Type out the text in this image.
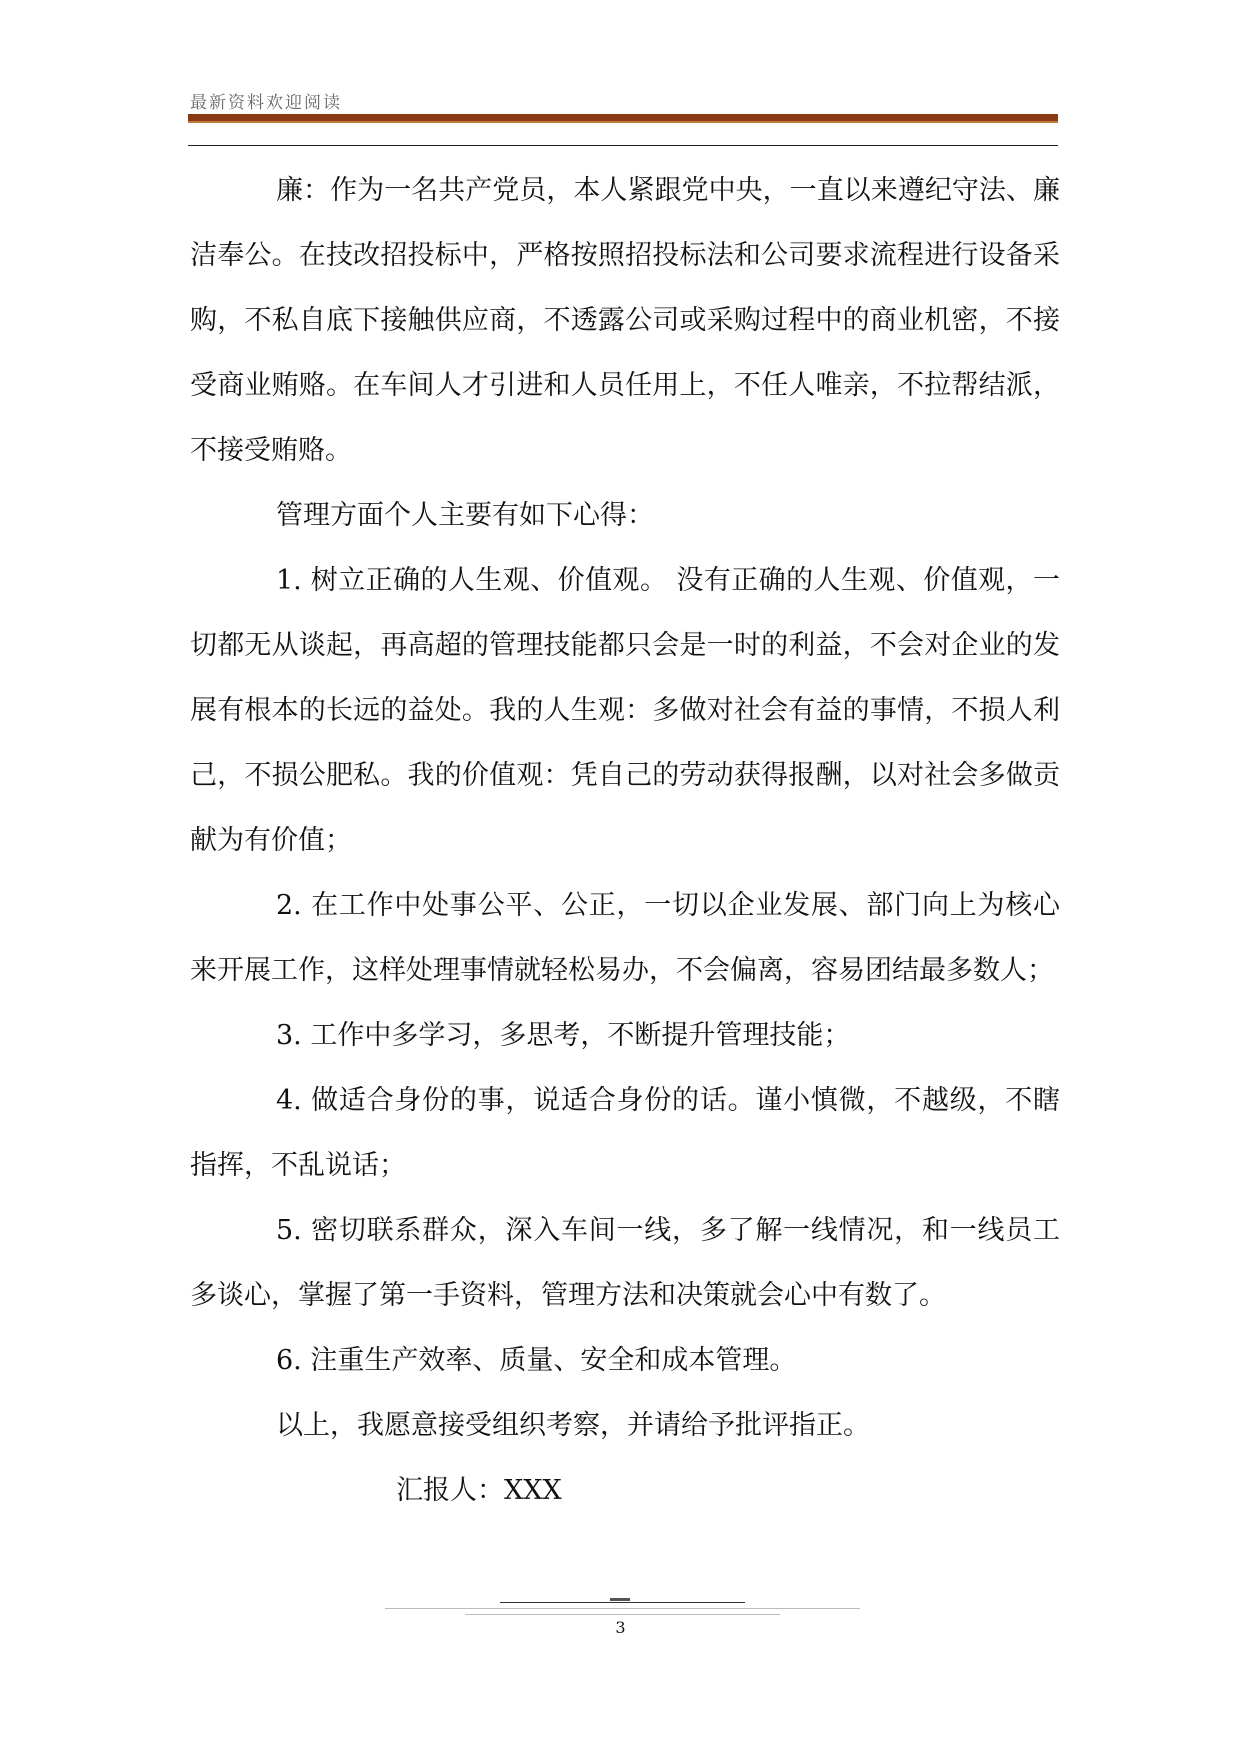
最新资料欢迎阅读

廉：作为一名共产党员，本人紧跟党中央，一直以来遵纪守法、廉洁奉公。在技改招投标中，严格按照招投标法和公司要求流程进行设备采购，不私自底下接触供应商，不透露公司或采购过程中的商业机密，不接受商业贿赂。在车间人才引进和人员任用上，不任人唯亲，不拉帮结派，不接受贿赂。

管理方面个人主要有如下心得：

1. 树立正确的人生观、价值观。 没有正确的人生观、价值观，一切都无从谈起，再高超的管理技能都只会是一时的利益，不会对企业的发展有根本的长远的益处。我的人生观：多做对社会有益的事情，不损人利己，不损公肥私。我的价值观：凭自己的劳动获得报酬，以对社会多做贡献为有价值；

2. 在工作中处事公平、公正，一切以企业发展、部门向上为核心来开展工作，这样处理事情就轻松易办，不会偏离，容易团结最多数人；

3. 工作中多学习，多思考，不断提升管理技能；

4. 做适合身份的事，说适合身份的话。谨小慎微，不越级，不瞎指挥，不乱说话；

5. 密切联系群众，深入车间一线，多了解一线情况，和一线员工多谈心，掌握了第一手资料，管理方法和决策就会心中有数了。

6. 注重生产效率、质量、安全和成本管理。

以上，我愿意接受组织考察，并请给予批评指正。

汇报人：XXX

3
